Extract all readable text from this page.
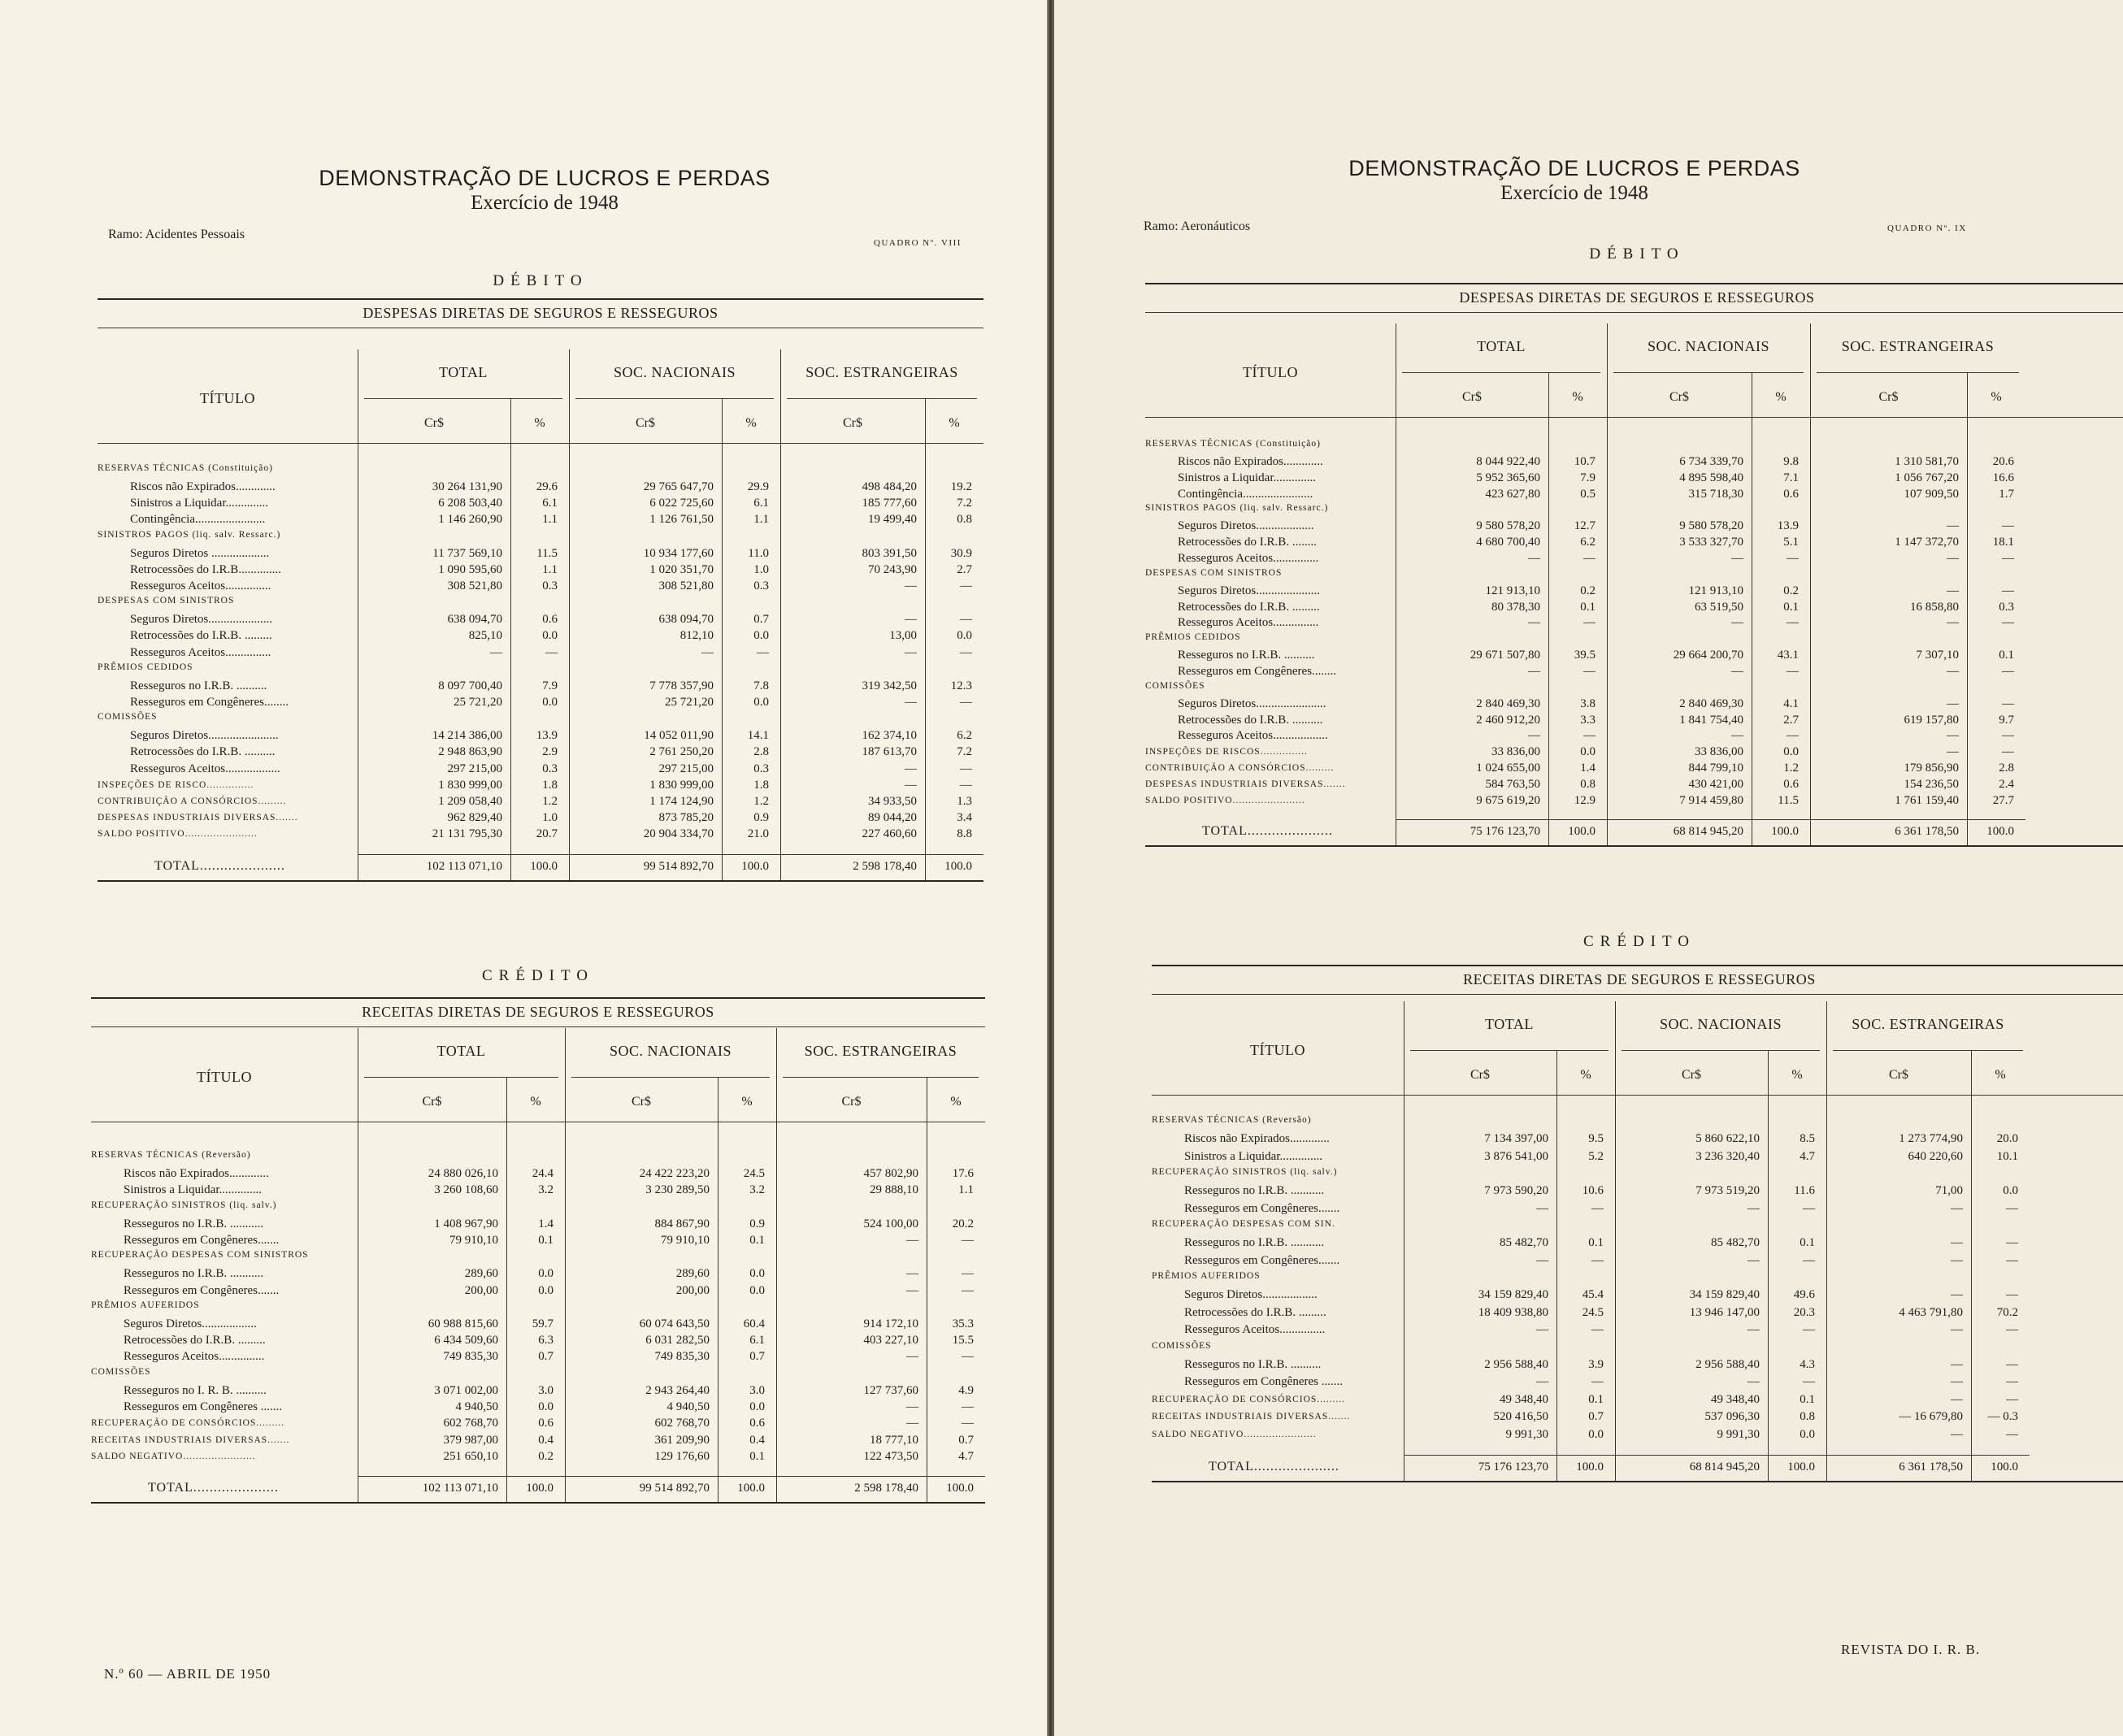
DEMONSTRAÇÃO DE LUCROS E PERDAS
Exercício de 1948
Ramo: Acidentes Pessoais
QUADRO Nº. VIII
DÉBITO
DESPESAS DIRETAS DE SEGUROS E RESSEGUROS
TÍTULO
TOTAL
Cr$	%
SOC. NACIONAIS
Cr$	%
SOC. ESTRANGEIRAS
Cr$	%
RESERVAS TÉCNICAS (Constituição)
Riscos não Expirados.............	30 264 131,90	29.6	29 765 647,70	29.9	498 484,20	19.2
Sinistros a Liquidar..............	6 208 503,40	6.1	6 022 725,60	6.1	185 777,60	7.2
Contingência.......................	1 146 260,90	1.1	1 126 761,50	1.1	19 499,40	0.8
SINISTROS PAGOS (liq. salv. Ressarc.)
Seguros Diretos ...................	11 737 569,10	11.5	10 934 177,60	11.0	803 391,50	30.9
Retrocessões do I.R.B..............	1 090 595,60	1.1	1 020 351,70	1.0	70 243,90	2.7
Resseguros Aceitos...............	308 521,80	0.3	308 521,80	0.3	—	—
DESPESAS COM SINISTROS
Seguros Diretos.....................	638 094,70	0.6	638 094,70	0.7	—	—
Retrocessões do I.R.B. .........	825,10	0.0	812,10	0.0	13,00	0.0
Resseguros Aceitos...............	—	—	—	—	—	—
PRÊMIOS CEDIDOS
Resseguros no I.R.B. ..........	8 097 700,40	7.9	7 778 357,90	7.8	319 342,50	12.3
Resseguros em Congêneres........	25 721,20	0.0	25 721,20	0.0	—	—
COMISSÕES
Seguros Diretos.......................	14 214 386,00	13.9	14 052 011,90	14.1	162 374,10	6.2
Retrocessões do I.R.B. ..........	2 948 863,90	2.9	2 761 250,20	2.8	187 613,70	7.2
Resseguros Aceitos..................	297 215,00	0.3	297 215,00	0.3	—	—
INSPEÇÕES DE RISCO...............	1 830 999,00	1.8	1 830 999,00	1.8	—	—
CONTRIBUIÇÃO A CONSÓRCIOS.........	1 209 058,40	1.2	1 174 124,90	1.2	34 933,50	1.3
DESPESAS INDUSTRIAIS DIVERSAS.......	962 829,40	1.0	873 785,20	0.9	89 044,20	3.4
SALDO POSITIVO.......................	21 131 795,30	20.7	20 904 334,70	21.0	227 460,60	8.8
TOTAL.....................	102 113 071,10	100.0	99 514 892,70	100.0	2 598 178,40	100.0
CRÉDITO
RECEITAS DIRETAS DE SEGUROS E RESSEGUROS
TÍTULO
TOTAL
Cr$	%
SOC. NACIONAIS
Cr$	%
SOC. ESTRANGEIRAS
Cr$	%
RESERVAS TÉCNICAS (Reversão)
Riscos não Expirados.............	24 880 026,10	24.4	24 422 223,20	24.5	457 802,90	17.6
Sinistros a Liquidar..............	3 260 108,60	3.2	3 230 289,50	3.2	29 888,10	1.1
RECUPERAÇÃO SINISTROS (liq. salv.)
Resseguros no I.R.B. ...........	1 408 967,90	1.4	884 867,90	0.9	524 100,00	20.2
Resseguros em Congêneres.......	79 910,10	0.1	79 910,10	0.1	—	—
RECUPERAÇÃO DESPESAS COM SINISTROS
Resseguros no I.R.B. ...........	289,60	0.0	289,60	0.0	—	—
Resseguros em Congêneres.......	200,00	0.0	200,00	0.0	—	—
PRÊMIOS AUFERIDOS
Seguros Diretos..................	60 988 815,60	59.7	60 074 643,50	60.4	914 172,10	35.3
Retrocessões do I.R.B. .........	6 434 509,60	6.3	6 031 282,50	6.1	403 227,10	15.5
Resseguros Aceitos...............	749 835,30	0.7	749 835,30	0.7	—	—
COMISSÕES
Resseguros no I. R. B. ..........	3 071 002,00	3.0	2 943 264,40	3.0	127 737,60	4.9
Resseguros em Congêneres .......	4 940,50	0.0	4 940,50	0.0	—	—
RECUPERAÇÃO DE CONSÓRCIOS.........	602 768,70	0.6	602 768,70	0.6	—	—
RECEITAS INDUSTRIAIS DIVERSAS.......	379 987,00	0.4	361 209,90	0.4	18 777,10	0.7
SALDO NEGATIVO.......................	251 650,10	0.2	129 176,60	0.1	122 473,50	4.7
TOTAL.....................	102 113 071,10	100.0	99 514 892,70	100.0	2 598 178,40	100.0
N.º 60 — ABRIL DE 1950
DEMONSTRAÇÃO DE LUCROS E PERDAS
Exercício de 1948
Ramo: Aeronáuticos	QUADRO Nº. IX
DÉBITO
DESPESAS DIRETAS DE SEGUROS E RESSEGUROS
TÍTULO
TOTAL
Cr$	%
SOC. NACIONAIS
Cr$	%
SOC. ESTRANGEIRAS
Cr$	%
RESERVAS TÉCNICAS (Constituição)
Riscos não Expirados.............	8 044 922,40	10.7	6 734 339,70	9.8	1 310 581,70	20.6
Sinistros a Liquidar..............	5 952 365,60	7.9	4 895 598,40	7.1	1 056 767,20	16.6
Contingência.......................	423 627,80	0.5	315 718,30	0.6	107 909,50	1.7
SINISTROS PAGOS (liq. salv. Ressarc.)
Seguros Diretos...................	9 580 578,20	12.7	9 580 578,20	13.9	—	—
Retrocessões do I.R.B. ........	4 680 700,40	6.2	3 533 327,70	5.1	1 147 372,70	18.1
Resseguros Aceitos...............	—	—	—	—	—	—
DESPESAS COM SINISTROS
Seguros Diretos.....................	121 913,10	0.2	121 913,10	0.2	—	—
Retrocessões do I.R.B. .........	80 378,30	0.1	63 519,50	0.1	16 858,80	0.3
Resseguros Aceitos...............	—	—	—	—	—	—
PRÊMIOS CEDIDOS
Resseguros no I.R.B. ..........	29 671 507,80	39.5	29 664 200,70	43.1	7 307,10	0.1
Resseguros em Congêneres........	—	—	—	—	—	—
COMISSÕES
Seguros Diretos.......................	2 840 469,30	3.8	2 840 469,30	4.1	—	—
Retrocessões do I.R.B. ..........	2 460 912,20	3.3	1 841 754,40	2.7	619 157,80	9.7
Resseguros Aceitos..................	—	—	—	—	—	—
INSPEÇÕES DE RISCOS...............	33 836,00	0.0	33 836,00	0.0	—	—
CONTRIBUIÇÃO A CONSÓRCIOS.........	1 024 655,00	1.4	844 799,10	1.2	179 856,90	2.8
DESPESAS INDUSTRIAIS DIVERSAS.......	584 763,50	0.8	430 421,00	0.6	154 236,50	2.4
SALDO POSITIVO.......................	9 675 619,20	12.9	7 914 459,80	11.5	1 761 159,40	27.7
TOTAL.....................	75 176 123,70	100.0	68 814 945,20	100.0	6 361 178,50	100.0
CRÉDITO
RECEITAS DIRETAS DE SEGUROS E RESSEGUROS
TÍTULO
TOTAL
Cr$	%
SOC. NACIONAIS
Cr$	%
SOC. ESTRANGEIRAS
Cr$	%
RESERVAS TÉCNICAS (Reversão)
Riscos não Expirados.............	7 134 397,00	9.5	5 860 622,10	8.5	1 273 774,90	20.0
Sinistros a Liquidar..............	3 876 541,00	5.2	3 236 320,40	4.7	640 220,60	10.1
RECUPERAÇÃO SINISTROS (liq. salv.)
Resseguros no I.R.B. ...........	7 973 590,20	10.6	7 973 519,20	11.6	71,00	0.0
Resseguros em Congêneres.......	—	—	—	—	—	—
RECUPERAÇÃO DESPESAS COM SIN.
Resseguros no I.R.B. ...........	85 482,70	0.1	85 482,70	0.1	—	—
Resseguros em Congêneres.......	—	—	—	—	—	—
PRÊMIOS AUFERIDOS
Seguros Diretos..................	34 159 829,40	45.4	34 159 829,40	49.6	—	—
Retrocessões do I.R.B. .........	18 409 938,80	24.5	13 946 147,00	20.3	4 463 791,80	70.2
Resseguros Aceitos...............	—	—	—	—	—	—
COMISSÕES
Resseguros no I.R.B. ..........	2 956 588,40	3.9	2 956 588,40	4.3	—	—
Resseguros em Congêneres .......	—	—	—	—	—	—
RECUPERAÇÃO DE CONSÓRCIOS.........	49 348,40	0.1	49 348,40	0.1	—	—
RECEITAS INDUSTRIAIS DIVERSAS.......	520 416,50	0.7	537 096,30	0.8	— 16 679,80	— 0.3
SALDO NEGATIVO.......................	9 991,30	0.0	9 991,30	0.0	—	—
TOTAL.....................	75 176 123,70	100.0	68 814 945,20	100.0	6 361 178,50	100.0
REVISTA DO I. R. B.
